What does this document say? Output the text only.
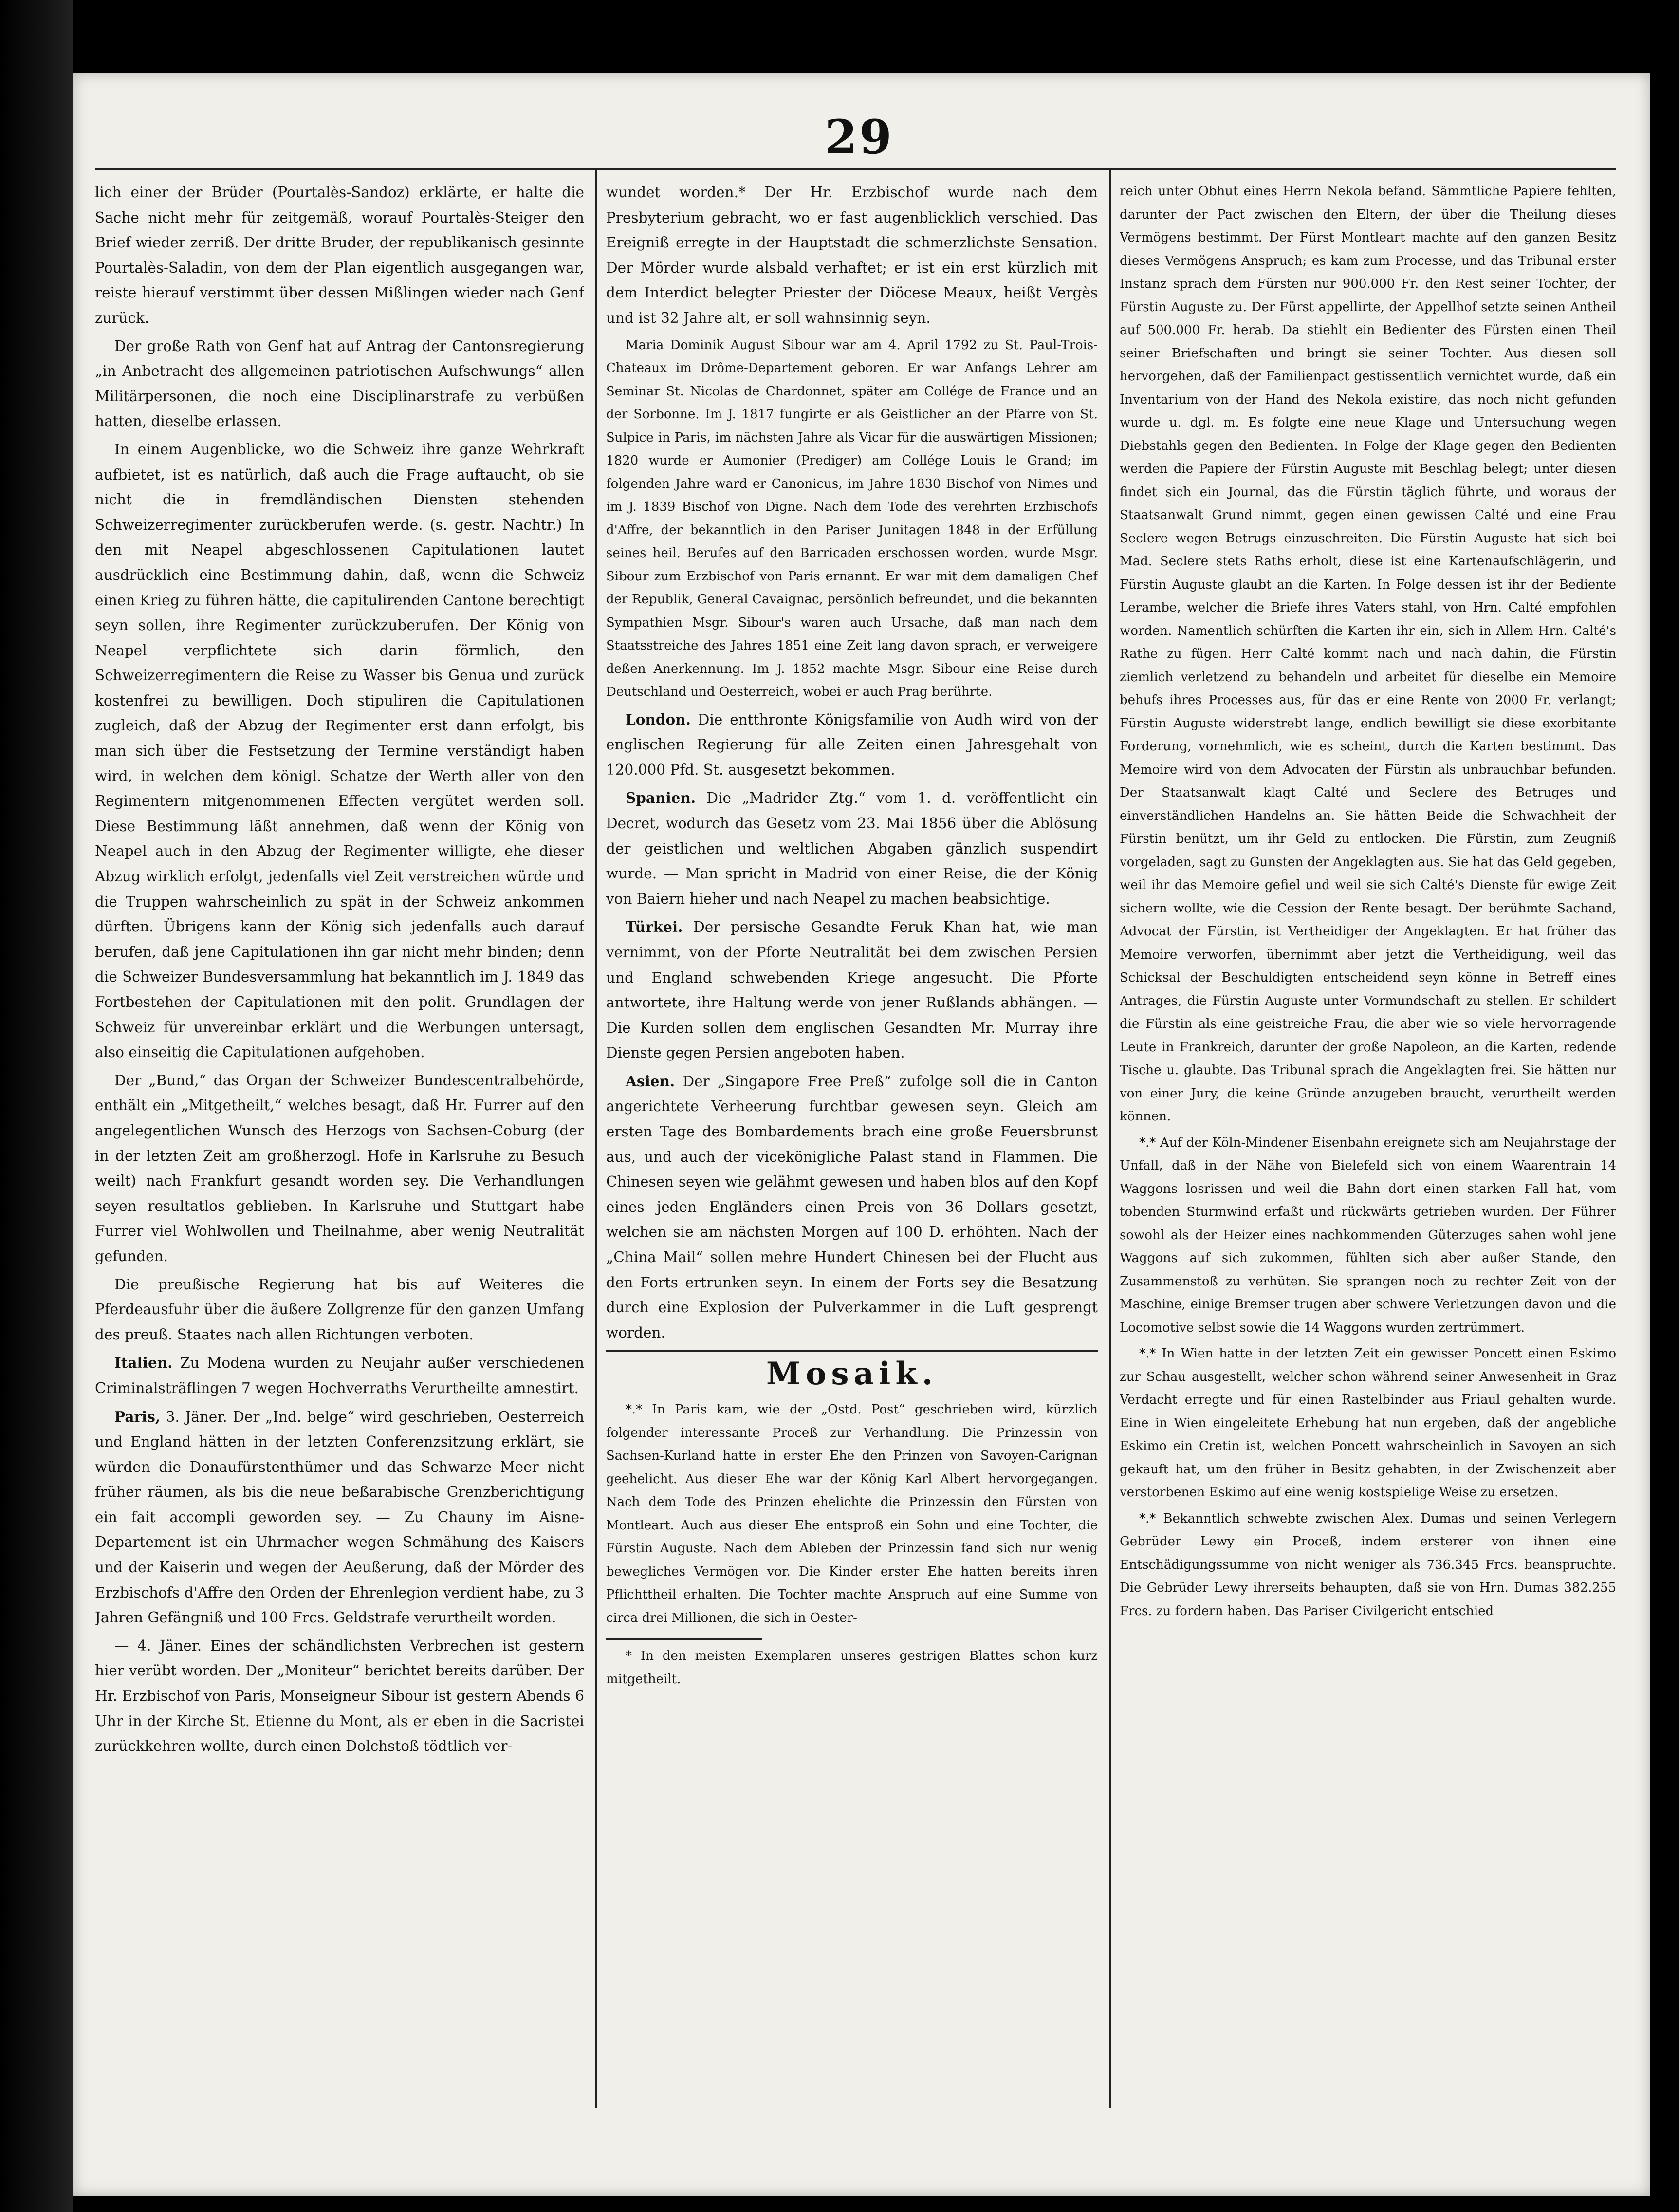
29

lich einer der Brüder (Pourtalès-Sandoz) erklärte, er halte die Sache nicht mehr für zeitgemäß, worauf Pourtalès-Steiger den Brief wieder zerriß. Der dritte Bruder, der republikanisch gesinnte Pourtalès-Saladin, von dem der Plan eigentlich ausgegangen war, reiste hierauf verstimmt über dessen Mißlingen wieder nach Genf zurück.

Der große Rath von Genf hat auf Antrag der Cantonsregierung „in Anbetracht des allgemeinen patriotischen Aufschwungs“ allen Militärpersonen, die noch eine Disciplinarstrafe zu verbüßen hatten, dieselbe erlassen.

In einem Augenblicke, wo die Schweiz ihre ganze Wehrkraft aufbietet, ist es natürlich, daß auch die Frage auftaucht, ob sie nicht die in fremdländischen Diensten stehenden Schweizerregimenter zurückberufen werde. (s. gestr. Nachtr.) In den mit Neapel abgeschlossenen Capitulationen lautet ausdrücklich eine Bestimmung dahin, daß, wenn die Schweiz einen Krieg zu führen hätte, die capitulirenden Cantone berechtigt seyn sollen, ihre Regimenter zurückzuberufen. Der König von Neapel verpflichtete sich darin förmlich, den Schweizerregimentern die Reise zu Wasser bis Genua und zurück kostenfrei zu bewilligen. Doch stipuliren die Capitulationen zugleich, daß der Abzug der Regimenter erst dann erfolgt, bis man sich über die Festsetzung der Termine verständigt haben wird, in welchen dem königl. Schatze der Werth aller von den Regimentern mitgenommenen Effecten vergütet werden soll. Diese Bestimmung läßt annehmen, daß wenn der König von Neapel auch in den Abzug der Regimenter willigte, ehe dieser Abzug wirklich erfolgt, jedenfalls viel Zeit verstreichen würde und die Truppen wahrscheinlich zu spät in der Schweiz ankommen dürften. Übrigens kann der König sich jedenfalls auch darauf berufen, daß jene Capitulationen ihn gar nicht mehr binden; denn die Schweizer Bundesversammlung hat bekanntlich im J. 1849 das Fortbestehen der Capitulationen mit den polit. Grundlagen der Schweiz für unvereinbar erklärt und die Werbungen untersagt, also einseitig die Capitulationen aufgehoben.

Der „Bund,“ das Organ der Schweizer Bundescentralbehörde, enthält ein „Mitgetheilt,“ welches besagt, daß Hr. Furrer auf den angelegentlichen Wunsch des Herzogs von Sachsen-Coburg (der in der letzten Zeit am großherzogl. Hofe in Karlsruhe zu Besuch weilt) nach Frankfurt gesandt worden sey. Die Verhandlungen seyen resultatlos geblieben. In Karlsruhe und Stuttgart habe Furrer viel Wohlwollen und Theilnahme, aber wenig Neutralität gefunden.

Die preußische Regierung hat bis auf Weiteres die Pferdeausfuhr über die äußere Zollgrenze für den ganzen Umfang des preuß. Staates nach allen Richtungen verboten.

Italien. Zu Modena wurden zu Neujahr außer verschiedenen Criminalsträflingen 7 wegen Hochverraths Verurtheilte amnestirt.

Paris, 3. Jäner. Der „Ind. belge“ wird geschrieben, Oesterreich und England hätten in der letzten Conferenzsitzung erklärt, sie würden die Donaufürstenthümer und das Schwarze Meer nicht früher räumen, als bis die neue beßarabische Grenzberichtigung ein fait accompli geworden sey. — Zu Chauny im Aisne-Departement ist ein Uhrmacher wegen Schmähung des Kaisers und der Kaiserin und wegen der Aeußerung, daß der Mörder des Erzbischofs d'Affre den Orden der Ehrenlegion verdient habe, zu 3 Jahren Gefängniß und 100 Frcs. Geldstrafe verurtheilt worden.

— 4. Jäner. Eines der schändlichsten Verbrechen ist gestern hier verübt worden. Der „Moniteur“ berichtet bereits darüber. Der Hr. Erzbischof von Paris, Monseigneur Sibour ist gestern Abends 6 Uhr in der Kirche St. Etienne du Mont, als er eben in die Sacristei zurückkehren wollte, durch einen Dolchstoß tödtlich ver-

wundet worden.* Der Hr. Erzbischof wurde nach dem Presbyterium gebracht, wo er fast augenblicklich verschied. Das Ereigniß erregte in der Hauptstadt die schmerzlichste Sensation. Der Mörder wurde alsbald verhaftet; er ist ein erst kürzlich mit dem Interdict belegter Priester der Diöcese Meaux, heißt Vergès und ist 32 Jahre alt, er soll wahnsinnig seyn.

Maria Dominik August Sibour war am 4. April 1792 zu St. Paul-Trois-Chateaux im Drôme-Departement geboren. Er war Anfangs Lehrer am Seminar St. Nicolas de Chardonnet, später am Collége de France und an der Sorbonne. Im J. 1817 fungirte er als Geistlicher an der Pfarre von St. Sulpice in Paris, im nächsten Jahre als Vicar für die auswärtigen Missionen; 1820 wurde er Aumonier (Prediger) am Collége Louis le Grand; im folgenden Jahre ward er Canonicus, im Jahre 1830 Bischof von Nimes und im J. 1839 Bischof von Digne. Nach dem Tode des verehrten Erzbischofs d'Affre, der bekanntlich in den Pariser Junitagen 1848 in der Erfüllung seines heil. Berufes auf den Barricaden erschossen worden, wurde Msgr. Sibour zum Erzbischof von Paris ernannt. Er war mit dem damaligen Chef der Republik, General Cavaignac, persönlich befreundet, und die bekannten Sympathien Msgr. Sibour's waren auch Ursache, daß man nach dem Staatsstreiche des Jahres 1851 eine Zeit lang davon sprach, er verweigere deßen Anerkennung. Im J. 1852 machte Msgr. Sibour eine Reise durch Deutschland und Oesterreich, wobei er auch Prag berührte.

London. Die entthronte Königsfamilie von Audh wird von der englischen Regierung für alle Zeiten einen Jahresgehalt von 120.000 Pfd. St. ausgesetzt bekommen.

Spanien. Die „Madrider Ztg.“ vom 1. d. veröffentlicht ein Decret, wodurch das Gesetz vom 23. Mai 1856 über die Ablösung der geistlichen und weltlichen Abgaben gänzlich suspendirt wurde. — Man spricht in Madrid von einer Reise, die der König von Baiern hieher und nach Neapel zu machen beabsichtige.

Türkei. Der persische Gesandte Feruk Khan hat, wie man vernimmt, von der Pforte Neutralität bei dem zwischen Persien und England schwebenden Kriege angesucht. Die Pforte antwortete, ihre Haltung werde von jener Rußlands abhängen. — Die Kurden sollen dem englischen Gesandten Mr. Murray ihre Dienste gegen Persien angeboten haben.

Asien. Der „Singapore Free Preß“ zufolge soll die in Canton angerichtete Verheerung furchtbar gewesen seyn. Gleich am ersten Tage des Bombardements brach eine große Feuersbrunst aus, und auch der vicekönigliche Palast stand in Flammen. Die Chinesen seyen wie gelähmt gewesen und haben blos auf den Kopf eines jeden Engländers einen Preis von 36 Dollars gesetzt, welchen sie am nächsten Morgen auf 100 D. erhöhten. Nach der „China Mail“ sollen mehre Hundert Chinesen bei der Flucht aus den Forts ertrunken seyn. In einem der Forts sey die Besatzung durch eine Explosion der Pulverkammer in die Luft gesprengt worden.

Mosaik.

*.* In Paris kam, wie der „Ostd. Post“ geschrieben wird, kürzlich folgender interessante Proceß zur Verhandlung. Die Prinzessin von Sachsen-Kurland hatte in erster Ehe den Prinzen von Savoyen-Carignan geehelicht. Aus dieser Ehe war der König Karl Albert hervorgegangen. Nach dem Tode des Prinzen ehelichte die Prinzessin den Fürsten von Montleart. Auch aus dieser Ehe entsproß ein Sohn und eine Tochter, die Fürstin Auguste. Nach dem Ableben der Prinzessin fand sich nur wenig bewegliches Vermögen vor. Die Kinder erster Ehe hatten bereits ihren Pflichttheil erhalten. Die Tochter machte Anspruch auf eine Summe von circa drei Millionen, die sich in Oester-

* In den meisten Exemplaren unseres gestrigen Blattes schon kurz mitgetheilt.

reich unter Obhut eines Herrn Nekola befand. Sämmtliche Papiere fehlten, darunter der Pact zwischen den Eltern, der über die Theilung dieses Vermögens bestimmt. Der Fürst Montleart machte auf den ganzen Besitz dieses Vermögens Anspruch; es kam zum Processe, und das Tribunal erster Instanz sprach dem Fürsten nur 900.000 Fr. den Rest seiner Tochter, der Fürstin Auguste zu. Der Fürst appellirte, der Appellhof setzte seinen Antheil auf 500.000 Fr. herab. Da stiehlt ein Bedienter des Fürsten einen Theil seiner Briefschaften und bringt sie seiner Tochter. Aus diesen soll hervorgehen, daß der Familienpact gestissentlich vernichtet wurde, daß ein Inventarium von der Hand des Nekola existire, das noch nicht gefunden wurde u. dgl. m. Es folgte eine neue Klage und Untersuchung wegen Diebstahls gegen den Bedienten. In Folge der Klage gegen den Bedienten werden die Papiere der Fürstin Auguste mit Beschlag belegt; unter diesen findet sich ein Journal, das die Fürstin täglich führte, und woraus der Staatsanwalt Grund nimmt, gegen einen gewissen Calté und eine Frau Seclere wegen Betrugs einzuschreiten. Die Fürstin Auguste hat sich bei Mad. Seclere stets Raths erholt, diese ist eine Kartenaufschlägerin, und Fürstin Auguste glaubt an die Karten. In Folge dessen ist ihr der Bediente Lerambe, welcher die Briefe ihres Vaters stahl, von Hrn. Calté empfohlen worden. Namentlich schürften die Karten ihr ein, sich in Allem Hrn. Calté's Rathe zu fügen. Herr Calté kommt nach und nach dahin, die Fürstin ziemlich verletzend zu behandeln und arbeitet für dieselbe ein Memoire behufs ihres Processes aus, für das er eine Rente von 2000 Fr. verlangt; Fürstin Auguste widerstrebt lange, endlich bewilligt sie diese exorbitante Forderung, vornehmlich, wie es scheint, durch die Karten bestimmt. Das Memoire wird von dem Advocaten der Fürstin als unbrauchbar befunden. Der Staatsanwalt klagt Calté und Seclere des Betruges und einverständlichen Handelns an. Sie hätten Beide die Schwachheit der Fürstin benützt, um ihr Geld zu entlocken. Die Fürstin, zum Zeugniß vorgeladen, sagt zu Gunsten der Angeklagten aus. Sie hat das Geld gegeben, weil ihr das Memoire gefiel und weil sie sich Calté's Dienste für ewige Zeit sichern wollte, wie die Cession der Rente besagt. Der berühmte Sachand, Advocat der Fürstin, ist Vertheidiger der Angeklagten. Er hat früher das Memoire verworfen, übernimmt aber jetzt die Vertheidigung, weil das Schicksal der Beschuldigten entscheidend seyn könne in Betreff eines Antrages, die Fürstin Auguste unter Vormundschaft zu stellen. Er schildert die Fürstin als eine geistreiche Frau, die aber wie so viele hervorragende Leute in Frankreich, darunter der große Napoleon, an die Karten, redende Tische u. glaubte. Das Tribunal sprach die Angeklagten frei. Sie hätten nur von einer Jury, die keine Gründe anzugeben braucht, verurtheilt werden können.

*.* Auf der Köln-Mindener Eisenbahn ereignete sich am Neujahrstage der Unfall, daß in der Nähe von Bielefeld sich von einem Waarentrain 14 Waggons losrissen und weil die Bahn dort einen starken Fall hat, vom tobenden Sturmwind erfaßt und rückwärts getrieben wurden. Der Führer sowohl als der Heizer eines nachkommenden Güterzuges sahen wohl jene Waggons auf sich zukommen, fühlten sich aber außer Stande, den Zusammenstoß zu verhüten. Sie sprangen noch zu rechter Zeit von der Maschine, einige Bremser trugen aber schwere Verletzungen davon und die Locomotive selbst sowie die 14 Waggons wurden zertrümmert.

*.* In Wien hatte in der letzten Zeit ein gewisser Poncett einen Eskimo zur Schau ausgestellt, welcher schon während seiner Anwesenheit in Graz Verdacht erregte und für einen Rastelbinder aus Friaul gehalten wurde. Eine in Wien eingeleitete Erhebung hat nun ergeben, daß der angebliche Eskimo ein Cretin ist, welchen Poncett wahrscheinlich in Savoyen an sich gekauft hat, um den früher in Besitz gehabten, in der Zwischenzeit aber verstorbenen Eskimo auf eine wenig kostspielige Weise zu ersetzen.

*.* Bekanntlich schwebte zwischen Alex. Dumas und seinen Verlegern Gebrüder Lewy ein Proceß, indem ersterer von ihnen eine Entschädigungssumme von nicht weniger als 736.345 Frcs. beanspruchte. Die Gebrüder Lewy ihrerseits behaupten, daß sie von Hrn. Dumas 382.255 Frcs. zu fordern haben. Das Pariser Civilgericht entschied
